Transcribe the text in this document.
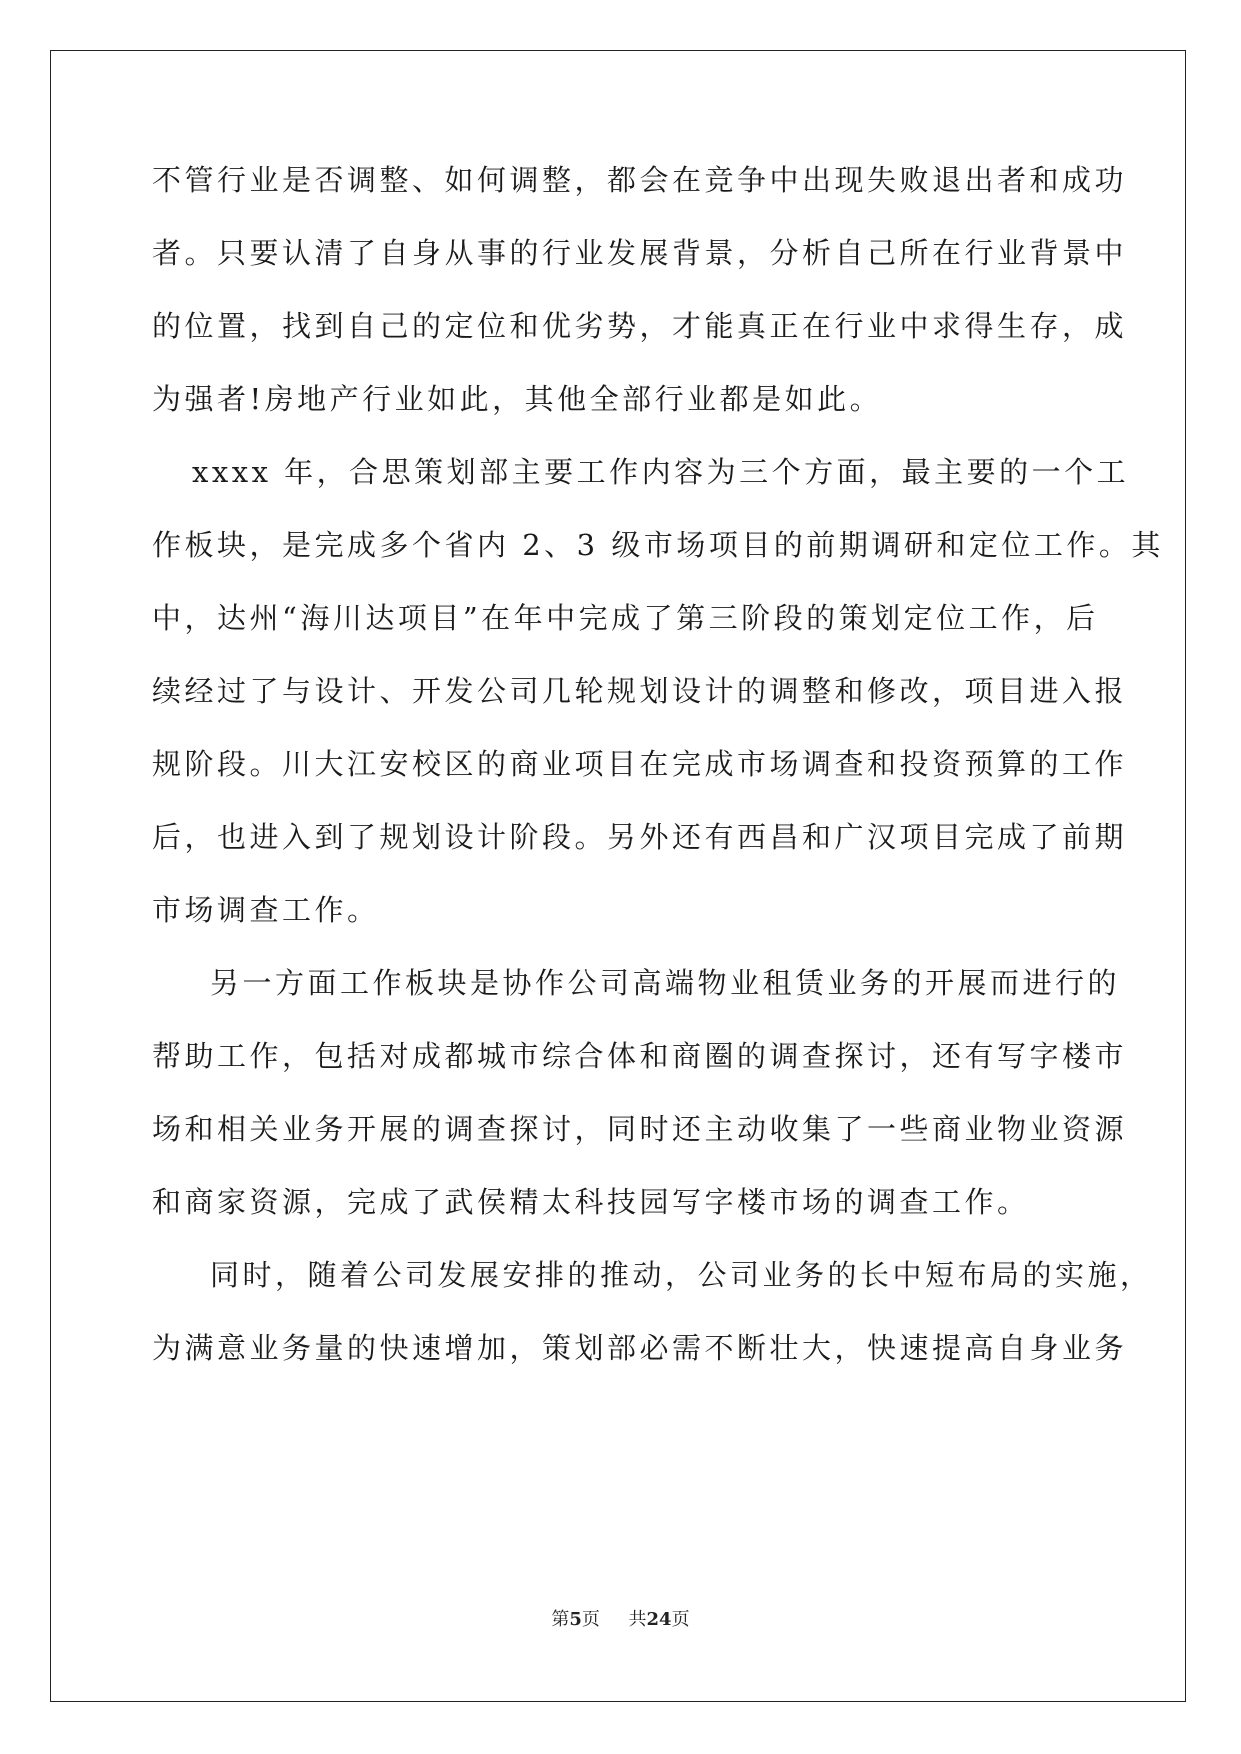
不管行业是否调整、如何调整，都会在竞争中出现失败退出者和成功
者。只要认清了自身从事的行业发展背景，分析自己所在行业背景中
的位置，找到自己的定位和优劣势，才能真正在行业中求得生存，成
为强者!房地产行业如此，其他全部行业都是如此。
xxxx 年，合思策划部主要工作内容为三个方面，最主要的一个工
作板块，是完成多个省内 2、3 级市场项目的前期调研和定位工作。其
中，达州“海川达项目”在年中完成了第三阶段的策划定位工作，后
续经过了与设计、开发公司几轮规划设计的调整和修改，项目进入报
规阶段。川大江安校区的商业项目在完成市场调查和投资预算的工作
后，也进入到了规划设计阶段。另外还有西昌和广汉项目完成了前期
市场调查工作。
另一方面工作板块是协作公司高端物业租赁业务的开展而进行的
帮助工作，包括对成都城市综合体和商圈的调查探讨，还有写字楼市
场和相关业务开展的调查探讨，同时还主动收集了一些商业物业资源
和商家资源，完成了武侯精太科技园写字楼市场的调查工作。
同时，随着公司发展安排的推动，公司业务的长中短布局的实施，
为满意业务量的快速增加，策划部必需不断壮大，快速提高自身业务
第5页 共24页
